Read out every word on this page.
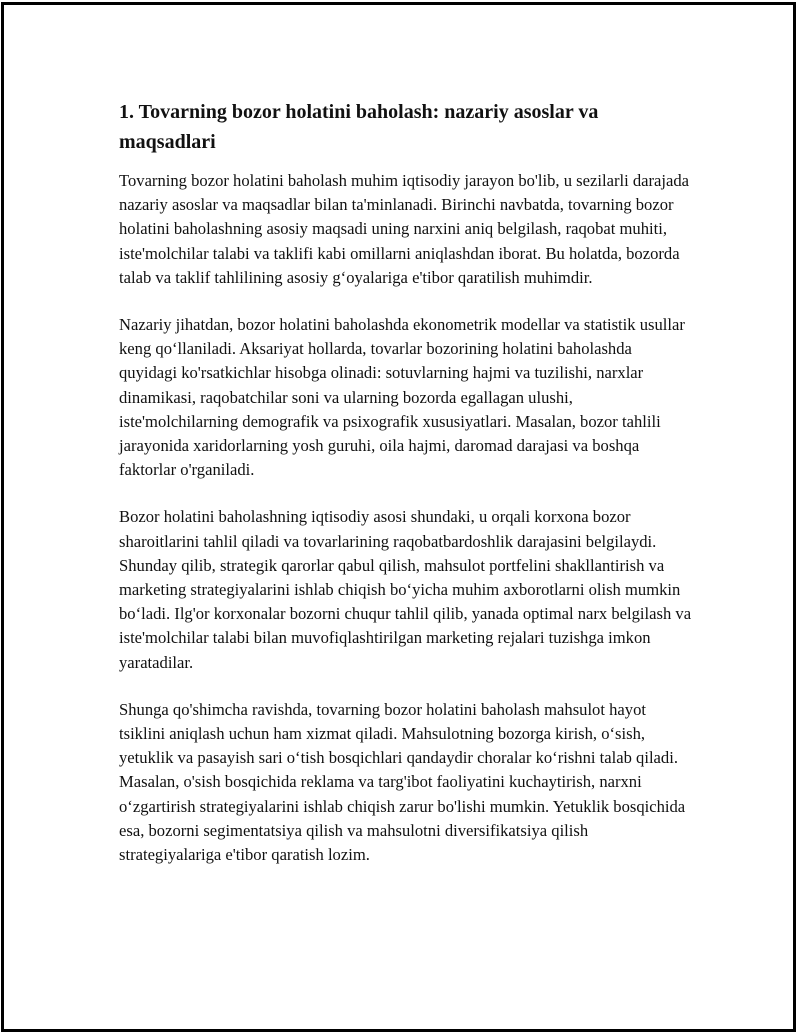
1. Tovarning bozor holatini baholash: nazariy asoslar va maqsadlari

Tovarning bozor holatini baholash muhim iqtisodiy jarayon bo'lib, u sezilarli darajada nazariy asoslar va maqsadlar bilan ta'minlanadi. Birinchi navbatda, tovarning bozor holatini baholashning asosiy maqsadi uning narxini aniq belgilash, raqobat muhiti, iste'molchilar talabi va taklifi kabi omillarni aniqlashdan iborat. Bu holatda, bozorda talab va taklif tahlilining asosiy g‘oyalariga e'tibor qaratilish muhimdir.

Nazariy jihatdan, bozor holatini baholashda ekonometrik modellar va statistik usullar keng qo‘llaniladi. Aksariyat hollarda, tovarlar bozorining holatini baholashda quyidagi ko'rsatkichlar hisobga olinadi: sotuvlarning hajmi va tuzilishi, narxlar dinamikasi, raqobatchilar soni va ularning bozorda egallagan ulushi, iste'molchilarning demografik va psixografik xususiyatlari. Masalan, bozor tahlili jarayonida xaridorlarning yosh guruhi, oila hajmi, daromad darajasi va boshqa faktorlar o'rganiladi.

Bozor holatini baholashning iqtisodiy asosi shundaki, u orqali korxona bozor sharoitlarini tahlil qiladi va tovarlarining raqobatbardoshlik darajasini belgilaydi. Shunday qilib, strategik qarorlar qabul qilish, mahsulot portfelini shakllantirish va marketing strategiyalarini ishlab chiqish bo‘yicha muhim axborotlarni olish mumkin bo‘ladi. Ilg'or korxonalar bozorni chuqur tahlil qilib, yanada optimal narx belgilash va iste'molchilar talabi bilan muvofiqlashtirilgan marketing rejalari tuzishga imkon yaratadilar.

Shunga qo'shimcha ravishda, tovarning bozor holatini baholash mahsulot hayot tsiklini aniqlash uchun ham xizmat qiladi. Mahsulotning bozorga kirish, o‘sish, yetuklik va pasayish sari o‘tish bosqichlari qandaydir choralar ko‘rishni talab qiladi. Masalan, o'sish bosqichida reklama va targ'ibot faoliyatini kuchaytirish, narxni o‘zgartirish strategiyalarini ishlab chiqish zarur bo'lishi mumkin. Yetuklik bosqichida esa, bozorni segimentatsiya qilish va mahsulotni diversifikatsiya qilish strategiyalariga e'tibor qaratish lozim.
